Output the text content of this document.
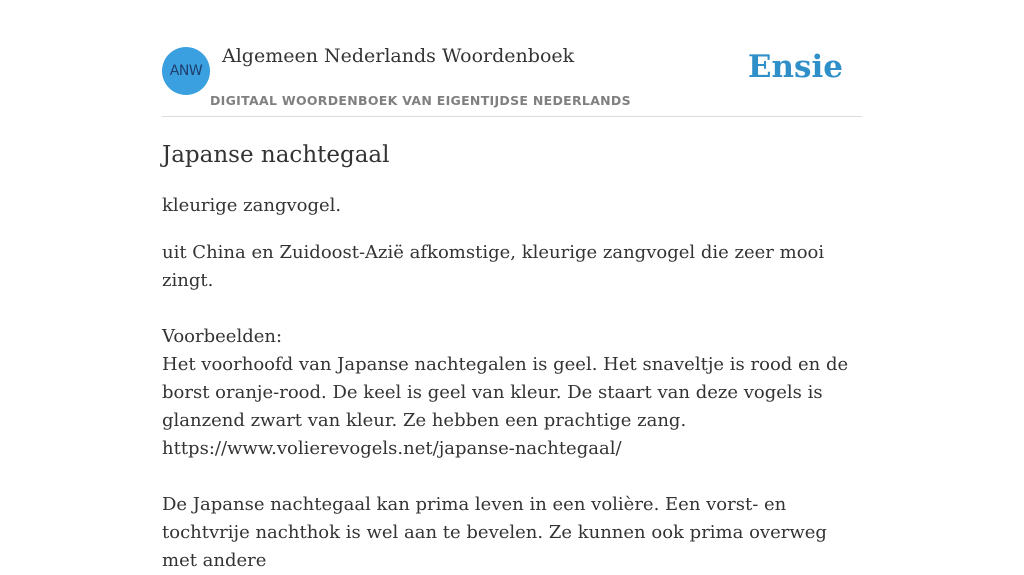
ANW
Algemeen Nederlands Woordenboek
DIGITAAL WOORDENBOEK VAN EIGENTIJDSE NEDERLANDS
Ensie
Japanse nachtegaal

kleurige zangvogel.

uit China en Zuidoost-Azië afkomstige, kleurige zangvogel die zeer mooi zingt.

Voorbeelden:

Het voorhoofd van Japanse nachtegalen is geel. Het snaveltje is rood en de borst oranje-rood. De keel is geel van kleur. De staart van deze vogels is glanzend zwart van kleur. Ze hebben een prachtige zang.

https://www.volierevogels.net/japanse-nachtegaal/

De Japanse nachtegaal kan prima leven in een volière. Een vorst- en tochtvrije nachthok is wel aan te bevelen. Ze kunnen ook prima overweg met andere
